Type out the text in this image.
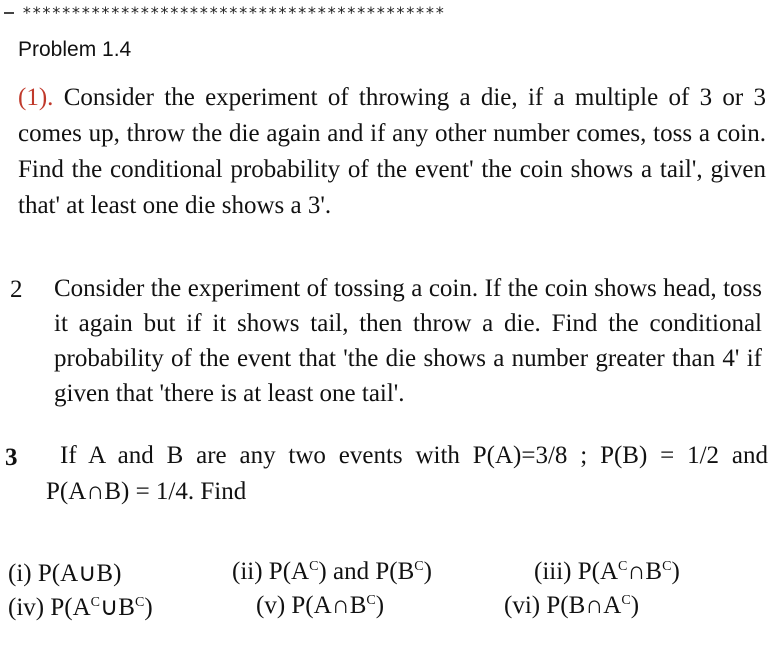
*******************************************
Problem 1.4
(1). Consider the experiment of throwing a die, if a multiple of 3 or 3 comes up, throw the die again and if any other number comes, toss a coin. Find the conditional probability of the event' the coin shows a tail', given that' at least one die shows a 3'.
2 Consider the experiment of tossing a coin. If the coin shows head, toss it again but if it shows tail, then throw a die. Find the conditional probability of the event that 'the die shows a number greater than 4' if given that 'there is at least one tail'.
3 If A and B are any two events with P(A)=3/8 ; P(B) = 1/2 and
P(A∩B) = 1/4. Find
(i) P(A∪B)	(ii) $P(A^C)$ and $P(B^C)$	(iii) $P(A^C\cap B^C)$
(iv) $P(A^C\cup B^C)$	(v) $P(A\cap B^C)$	(vi) $P(B\cap A^C)$
